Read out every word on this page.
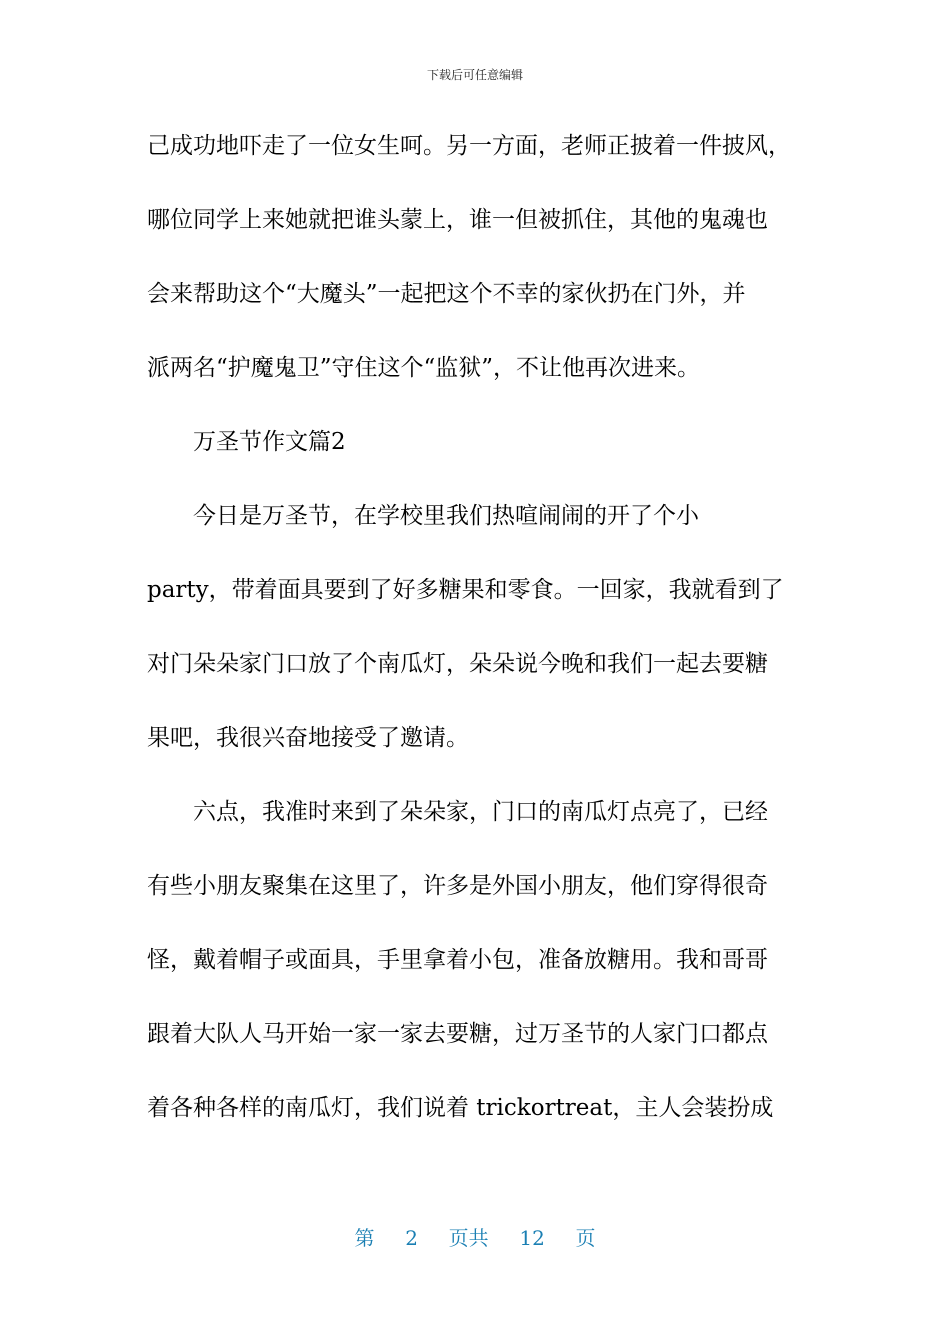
下载后可任意编辑

己成功地吓走了一位女生呵。另一方面，老师正披着一件披风，

哪位同学上来她就把谁头蒙上，谁一但被抓住，其他的鬼魂也

会来帮助这个“大魔头”一起把这个不幸的家伙扔在门外，并

派两名“护魔鬼卫”守住这个“监狱”，不让他再次进来。

万圣节作文篇2

今日是万圣节，在学校里我们热喧闹闹的开了个小

party，带着面具要到了好多糖果和零食。一回家，我就看到了

对门朵朵家门口放了个南瓜灯，朵朵说今晚和我们一起去要糖

果吧，我很兴奋地接受了邀请。

六点，我准时来到了朵朵家，门口的南瓜灯点亮了，已经

有些小朋友聚集在这里了，许多是外国小朋友，他们穿得很奇

怪，戴着帽子或面具，手里拿着小包，准备放糖用。我和哥哥

跟着大队人马开始一家一家去要糖，过万圣节的人家门口都点

着各种各样的南瓜灯，我们说着 trickortreat，主人会装扮成

第 2 页共 12 页
